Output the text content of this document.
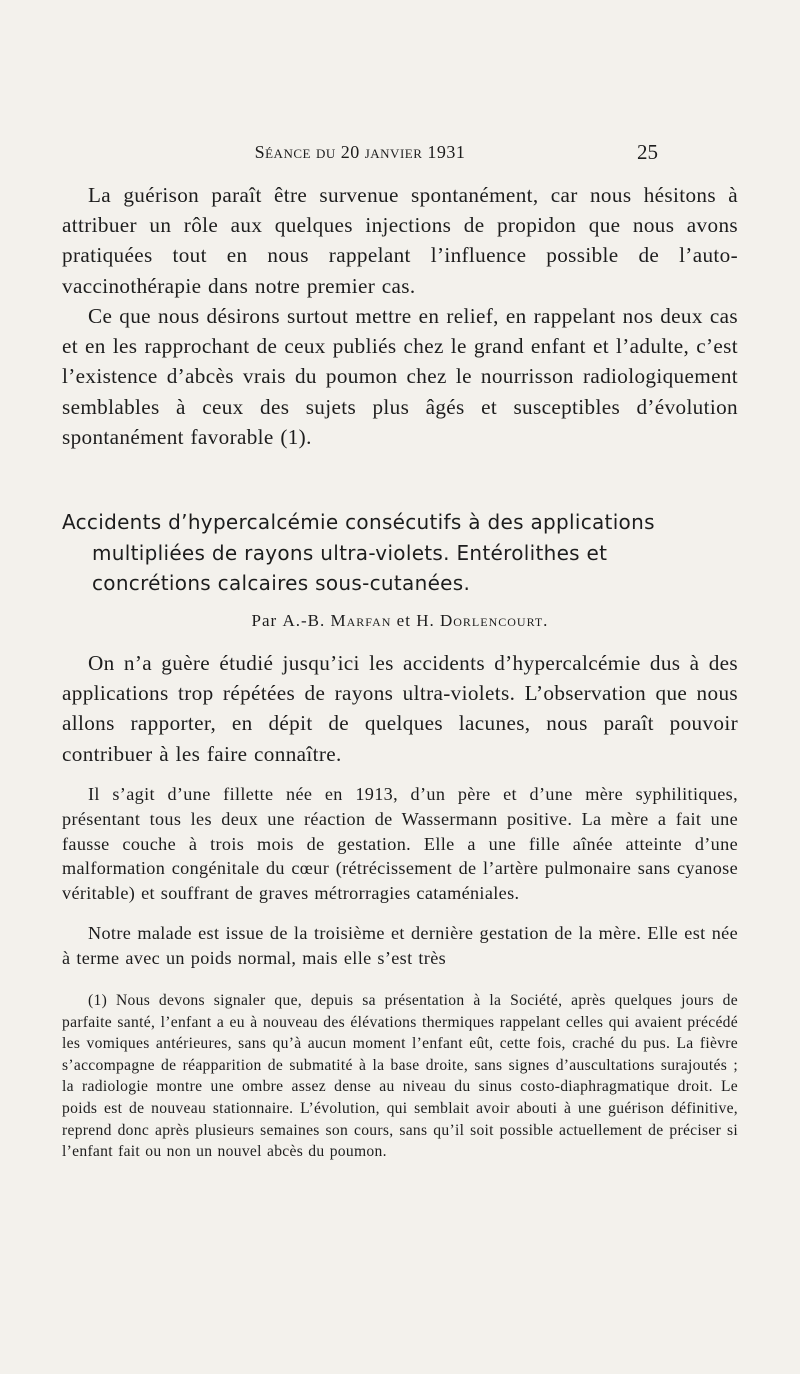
Séance du 20 janvier 1931	25

La guérison paraît être survenue spontanément, car nous hésitons à attribuer un rôle aux quelques injections de propidon que nous avons pratiquées tout en nous rappelant l’influence possible de l’auto-vaccinothérapie dans notre premier cas.

Ce que nous désirons surtout mettre en relief, en rappelant nos deux cas et en les rapprochant de ceux publiés chez le grand enfant et l’adulte, c’est l’existence d’abcès vrais du poumon chez le nourrisson radiologiquement semblables à ceux des sujets plus âgés et susceptibles d’évolution spontanément favorable (1).

Accidents d’hypercalcémie consécutifs à des applications multipliées de rayons ultra-violets. Entérolithes et concrétions calcaires sous-cutanées.
Par A.-B. Marfan et H. Dorlencourt.

On n’a guère étudié jusqu’ici les accidents d’hypercalcémie dus à des applications trop répétées de rayons ultra-violets. L’observation que nous allons rapporter, en dépit de quelques lacunes, nous paraît pouvoir contribuer à les faire connaître.

Il s’agit d’une fillette née en 1913, d’un père et d’une mère syphilitiques, présentant tous les deux une réaction de Wassermann positive. La mère a fait une fausse couche à trois mois de gestation. Elle a une fille aînée atteinte d’une malformation congénitale du cœur (rétrécissement de l’artère pulmonaire sans cyanose véritable) et souffrant de graves métrorragies cataméniales.

Notre malade est issue de la troisième et dernière gestation de la mère. Elle est née à terme avec un poids normal, mais elle s’est très

(1) Nous devons signaler que, depuis sa présentation à la Société, après quelques jours de parfaite santé, l’enfant a eu à nouveau des élévations thermiques rappelant celles qui avaient précédé les vomiques antérieures, sans qu’à aucun moment l’enfant eût, cette fois, craché du pus. La fièvre s’accompagne de réapparition de submatité à la base droite, sans signes d’auscultations surajoutés ; la radiologie montre une ombre assez dense au niveau du sinus costo-diaphragmatique droit. Le poids est de nouveau stationnaire. L’évolution, qui semblait avoir abouti à une guérison définitive, reprend donc après plusieurs semaines son cours, sans qu’il soit possible actuellement de préciser si l’enfant fait ou non un nouvel abcès du poumon.
